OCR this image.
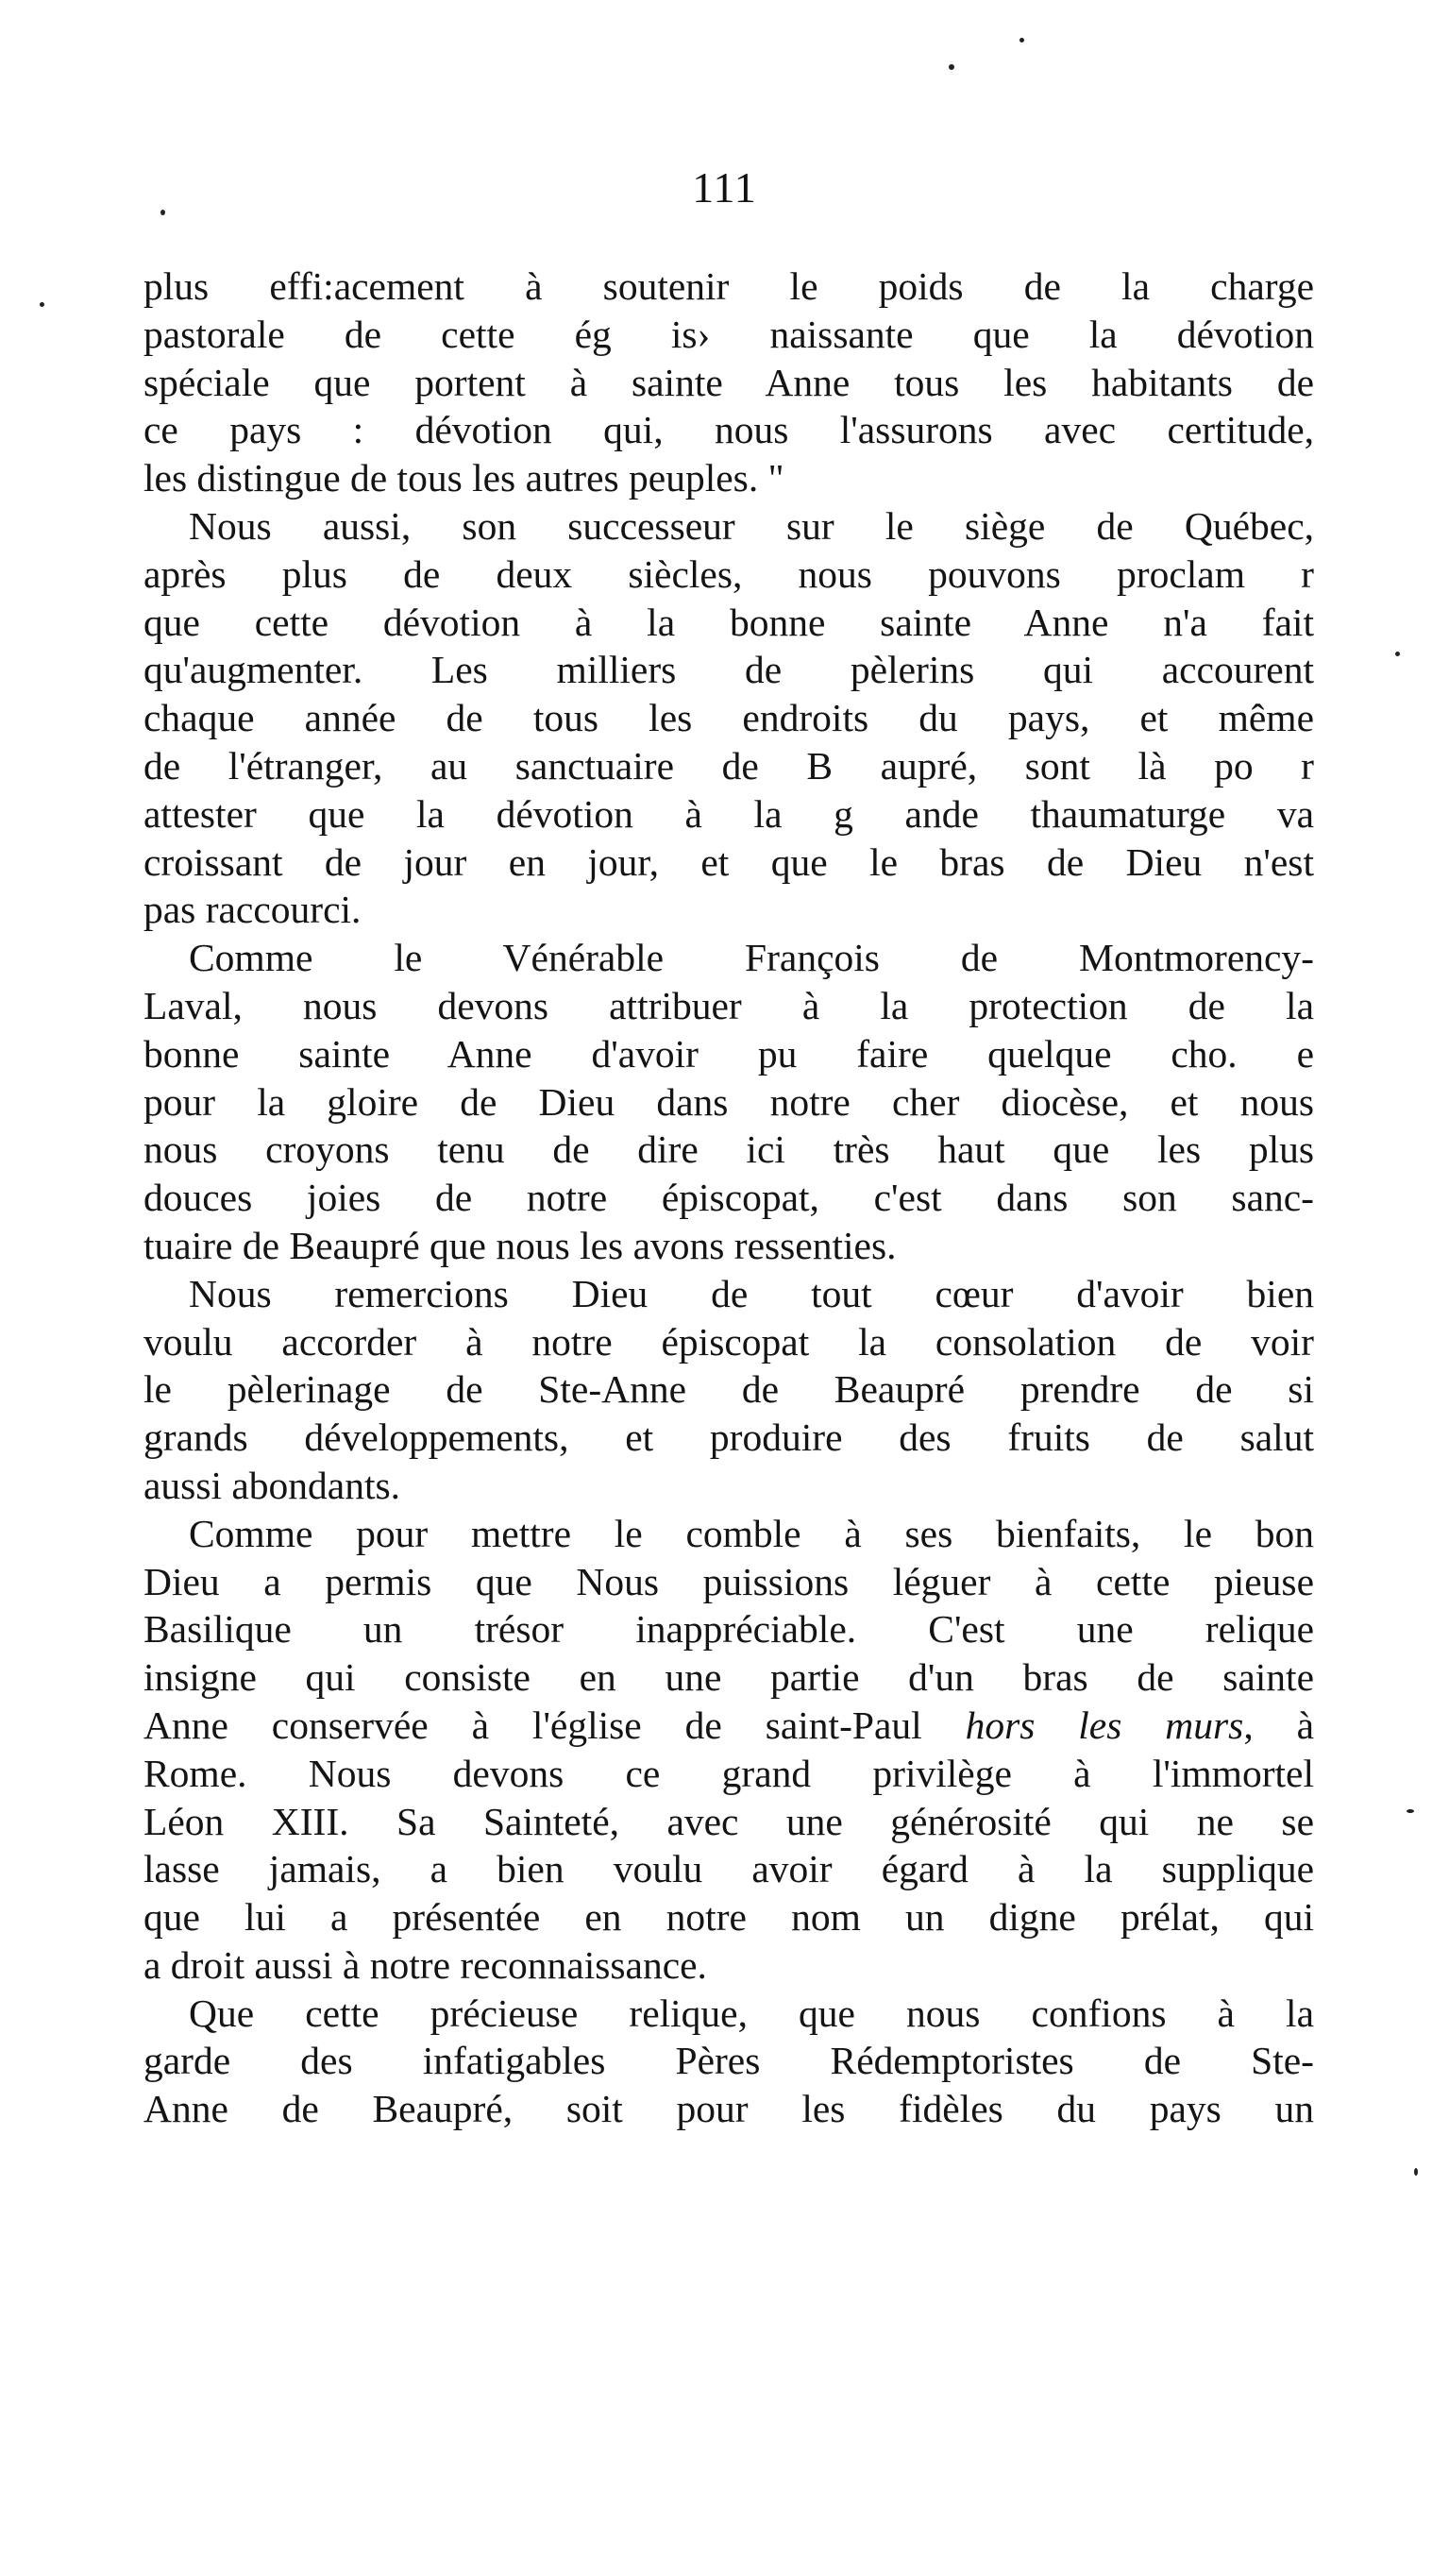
111

plus effi:acement à soutenir le poids de la charge
pastorale de cette ég is› naissante que la dévotion
spéciale que portent à sainte Anne tous les habitants de
ce pays : dévotion qui, nous l'assurons avec certitude,
les distingue de tous les autres peuples. "

Nous aussi, son successeur sur le siège de Québec,
après plus de deux siècles, nous pouvons proclam r
que cette dévotion à la bonne sainte Anne n'a fait
qu'augmenter. Les milliers de pèlerins qui accourent
chaque année de tous les endroits du pays, et même
de l'étranger, au sanctuaire de B aupré, sont là po r
attester que la dévotion à la g ande thaumaturge va
croissant de jour en jour, et que le bras de Dieu n'est
pas raccourci.

Comme le Vénérable François de Montmorency-
Laval, nous devons attribuer à la protection de la
bonne sainte Anne d'avoir pu faire quelque cho. e
pour la gloire de Dieu dans notre cher diocèse, et nous
nous croyons tenu de dire ici très haut que les plus
douces joies de notre épiscopat, c'est dans son sanc-
tuaire de Beaupré que nous les avons ressenties.

Nous remercions Dieu de tout cœur d'avoir bien
voulu accorder à notre épiscopat la consolation de voir
le pèlerinage de Ste-Anne de Beaupré prendre de si
grands développements, et produire des fruits de salut
aussi abondants.

Comme pour mettre le comble à ses bienfaits, le bon
Dieu a permis que Nous puissions léguer à cette pieuse
Basilique un trésor inappréciable. C'est une relique
insigne qui consiste en une partie d'un bras de sainte
Anne conservée à l'église de saint-Paul hors les murs, à
Rome. Nous devons ce grand privilège à l'immortel
Léon XIII. Sa Sainteté, avec une générosité qui ne se
lasse jamais, a bien voulu avoir égard à la supplique
que lui a présentée en notre nom un digne prélat, qui
a droit aussi à notre reconnaissance.

Que cette précieuse relique, que nous confions à la
garde des infatigables Pères Rédemptoristes de Ste-
Anne de Beaupré, soit pour les fidèles du pays un
